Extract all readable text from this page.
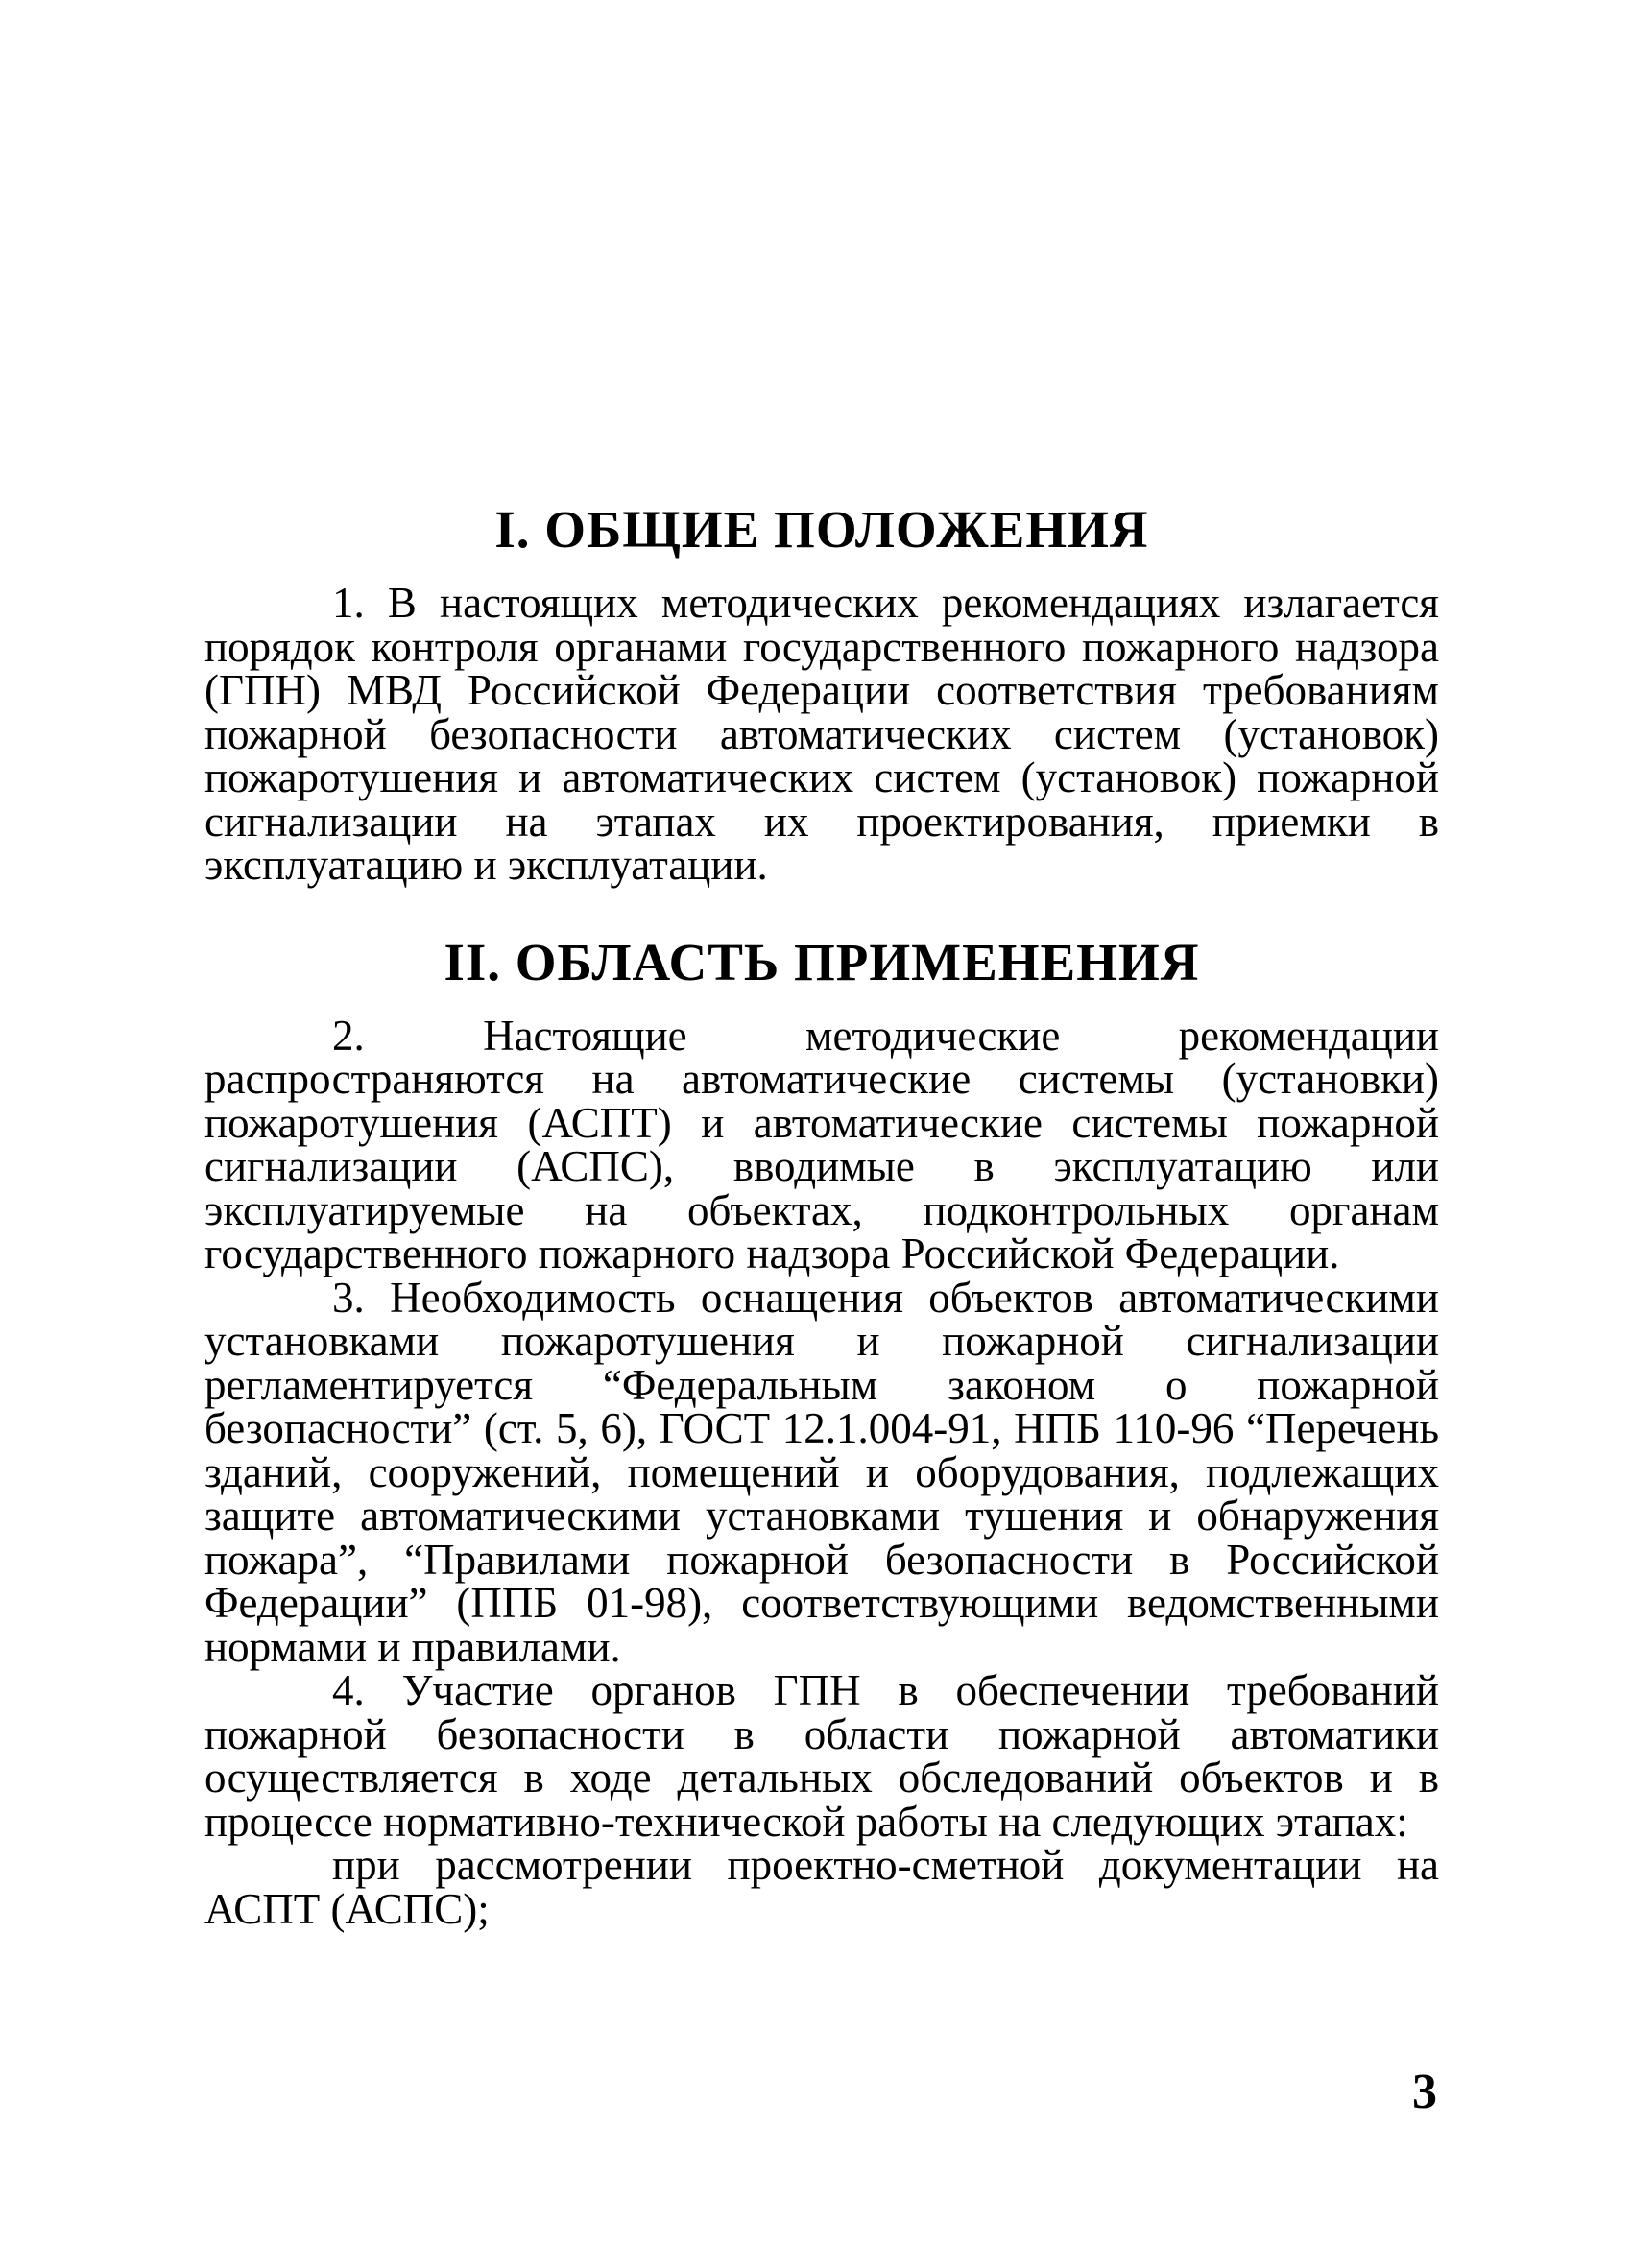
I. ОБЩИЕ ПОЛОЖЕНИЯ

1. В настоящих методических рекомендациях излагается порядок контроля органами государственного пожарного надзора (ГПН) МВД Российской Федерации соответствия требованиям пожарной безопасности автоматических систем (установок) пожаротушения и автоматических систем (установок) пожарной сигнализации на этапах их проектирования, приемки в эксплуатацию и эксплуатации.

II. ОБЛАСТЬ ПРИМЕНЕНИЯ

2. Настоящие методические рекомендации распространяются на автоматические системы (установки) пожаротушения (АСПТ) и автоматические системы пожарной сигнализации (АСПС), вводимые в эксплуатацию или эксплуатируемые на объектах, подконтрольных органам государственного пожарного надзора Российской Федерации.

3. Необходимость оснащения объектов автоматическими установками пожаротушения и пожарной сигнализации регламентируется “Федеральным законом о пожарной безопасности” (ст. 5, 6), ГОСТ 12.1.004-91, НПБ 110-96 “Перечень зданий, сооружений, помещений и оборудования, подлежащих защите автоматическими установками тушения и обнаружения пожара”, “Правилами пожарной безопасности в Российской Федерации” (ППБ 01-98), соответствующими ведомственными нормами и правилами.

4. Участие органов ГПН в обеспечении требований пожарной безопасности в области пожарной автоматики осуществляется в ходе детальных обследований объектов и в процессе нормативно-технической работы на следующих этапах:

при рассмотрении проектно-сметной документации на АСПТ (АСПС);

3
